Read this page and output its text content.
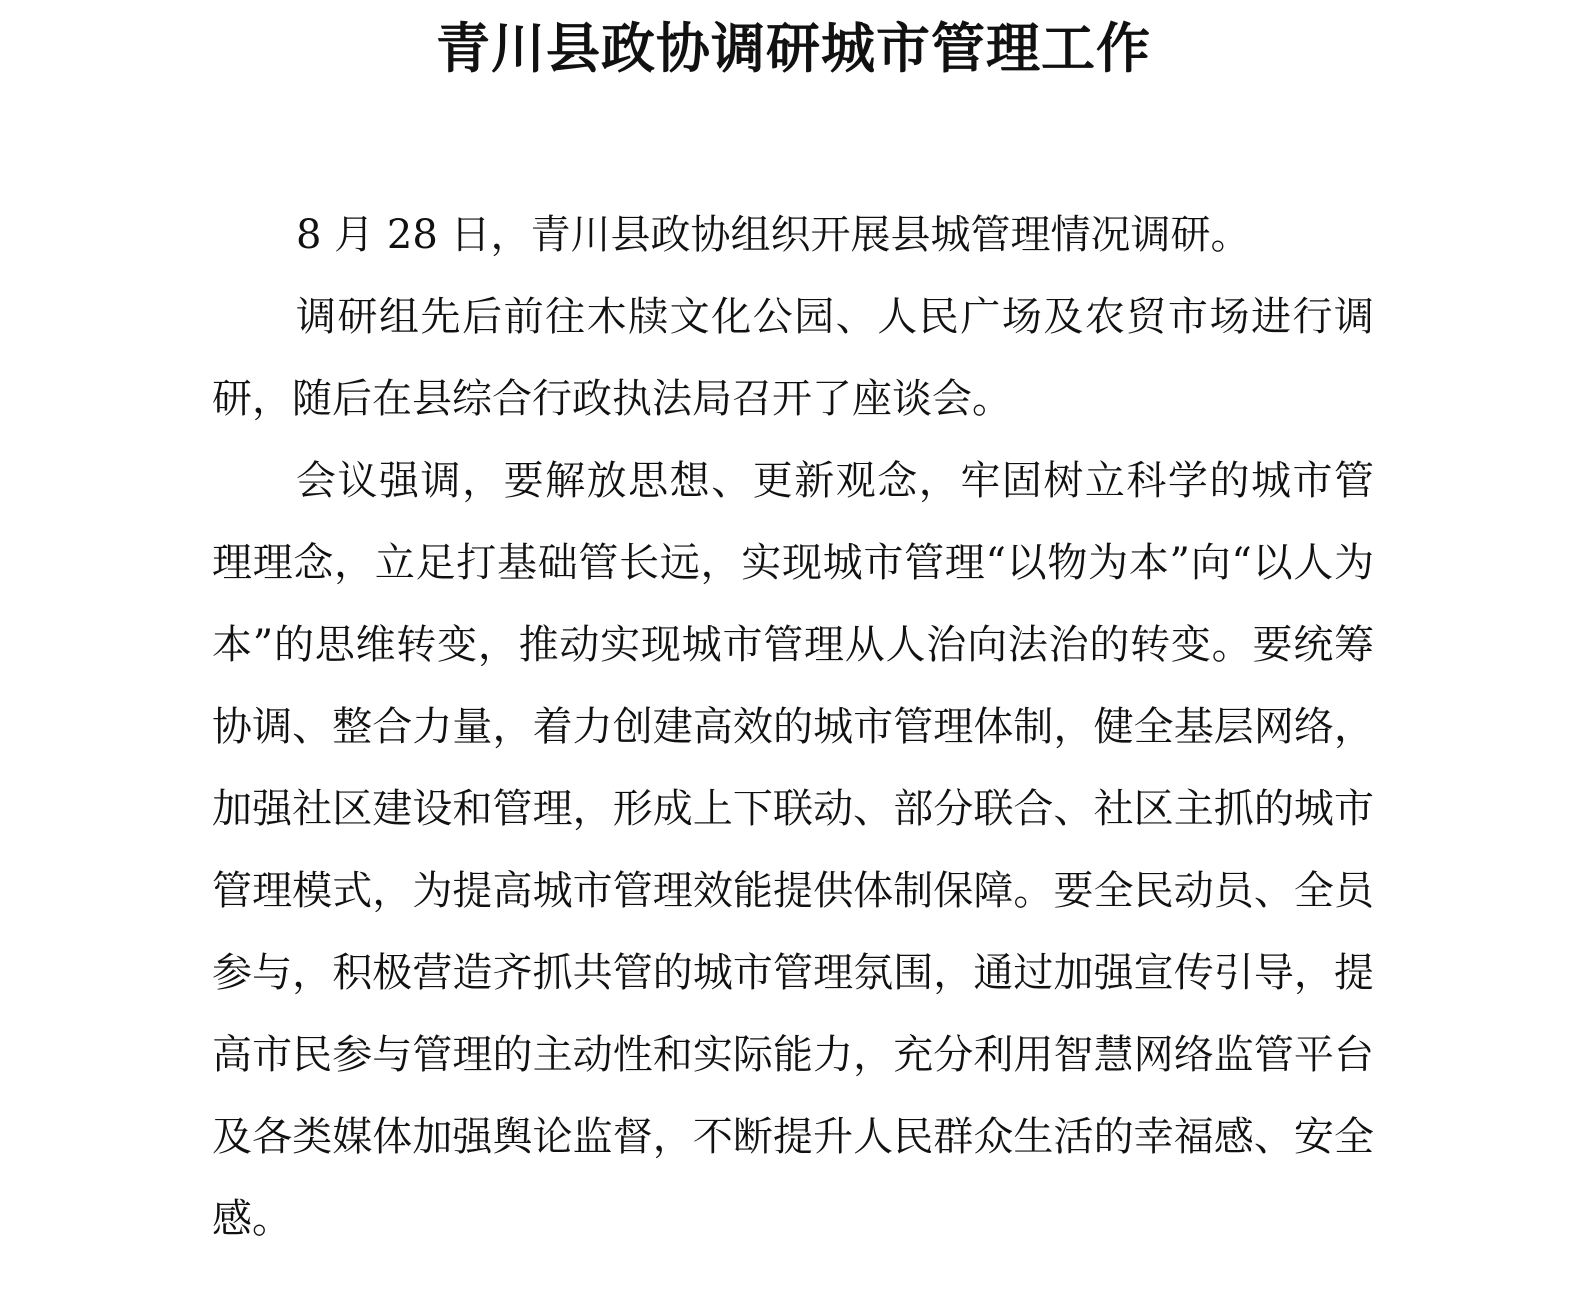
青川县政协调研城市管理工作

8 月 28 日，青川县政协组织开展县城管理情况调研。

调研组先后前往木牍文化公园、人民广场及农贸市场进行调研，随后在县综合行政执法局召开了座谈会。

会议强调，要解放思想、更新观念，牢固树立科学的城市管理理念，立足打基础管长远，实现城市管理“以物为本”向“以人为本”的思维转变，推动实现城市管理从人治向法治的转变。要统筹协调、整合力量，着力创建高效的城市管理体制，健全基层网络，加强社区建设和管理，形成上下联动、部分联合、社区主抓的城市管理模式，为提高城市管理效能提供体制保障。要全民动员、全员参与，积极营造齐抓共管的城市管理氛围，通过加强宣传引导，提高市民参与管理的主动性和实际能力，充分利用智慧网络监管平台及各类媒体加强舆论监督，不断提升人民群众生活的幸福感、安全感。
